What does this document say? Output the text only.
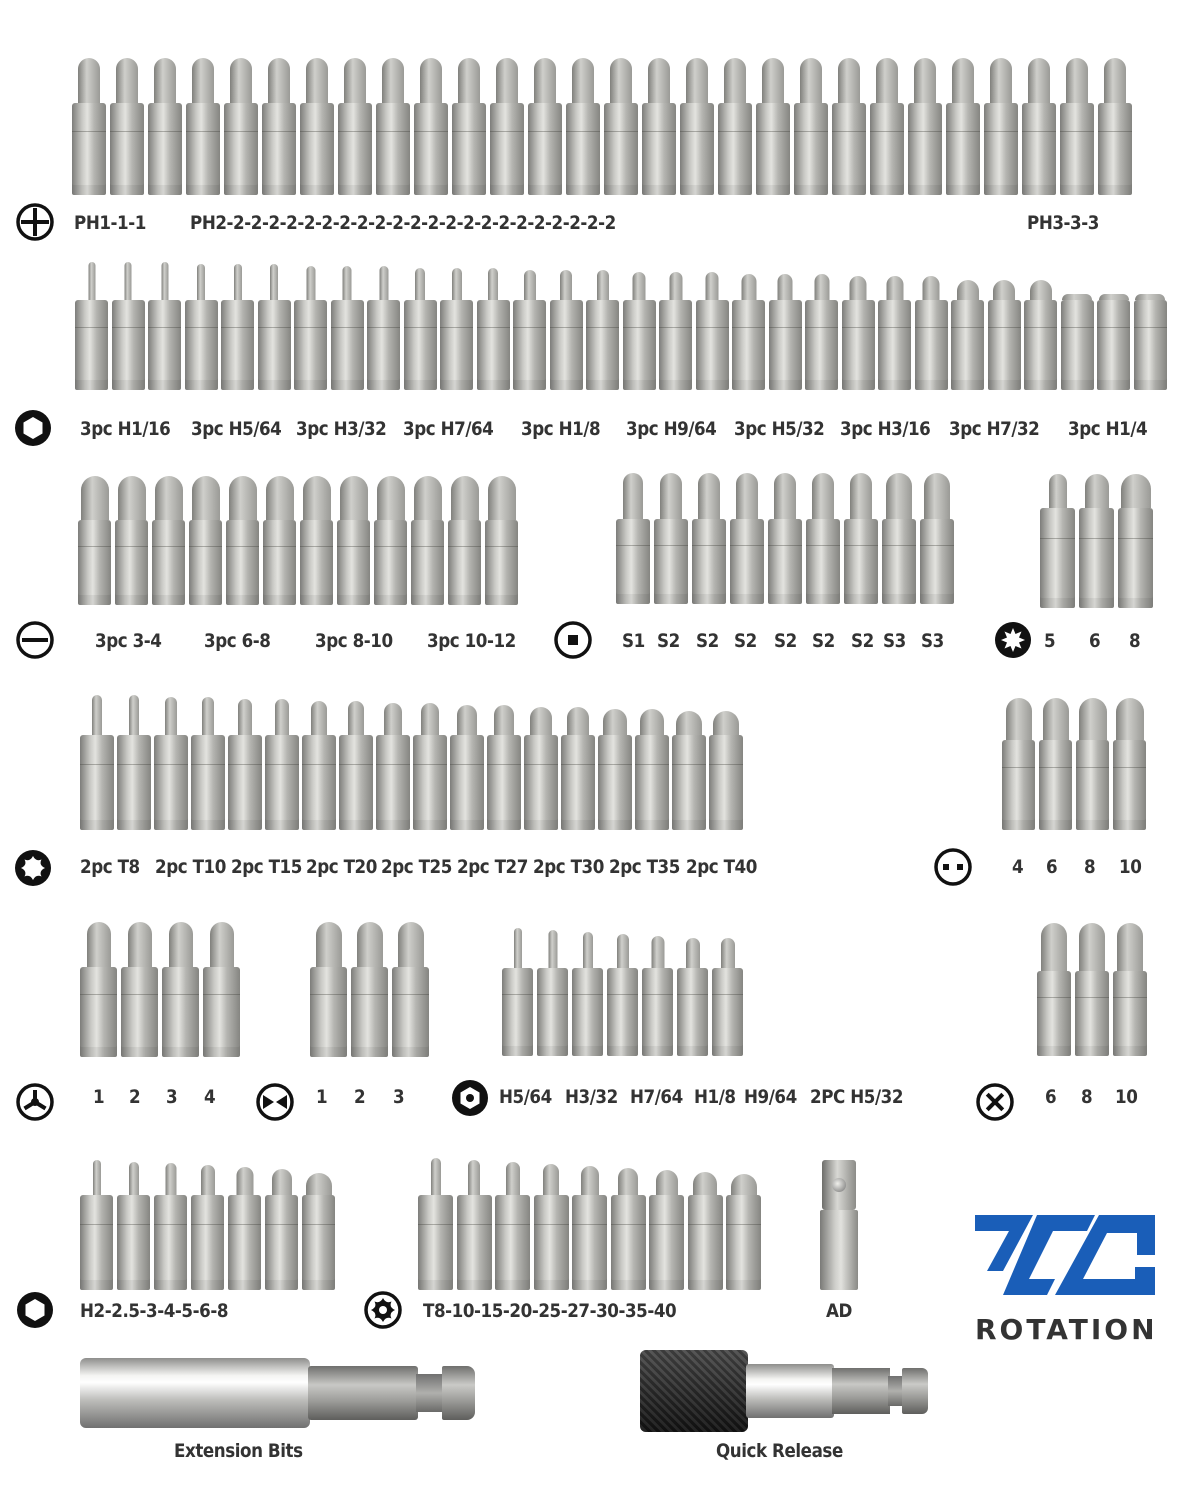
PH1-1-1 PH2-2-2-2-2-2-2-2-2-2-2-2-2-2-2-2-2-2-2-2-2-2-2	PH3-3-3
3pc H1/16 3pc H5/64 3pc H3/32 3pc H7/64 3pc H1/8 3pc H9/64 3pc H5/32 3pc H3/16 3pc H7/32 3pc H1/4
3pc 3-4 3pc 6-8 3pc 8-10 3pc 10-12	S1 S2 S2 S2 S2 S2 S2 S3 S3	5 6 8
2pc T8 2pc T10 2pc T15 2pc T20 2pc T25 2pc T27 2pc T30 2pc T35 2pc T40	4 6 8 10
1 2 3 4	1 2 3	H5/64 H3/32 H7/64 H1/8 H9/64 2PC H5/32	6 8 10
H2-2.5-3-4-5-6-8	T8-10-15-20-25-27-30-35-40	AD
ROTATION
Extension Bits	Quick Release
